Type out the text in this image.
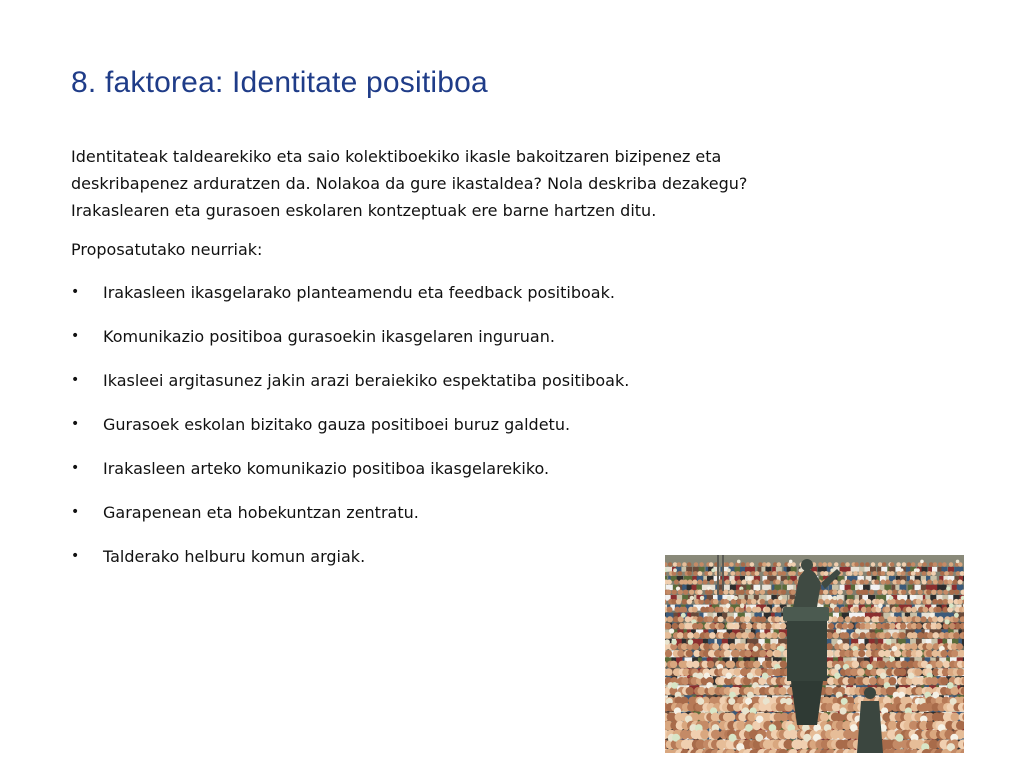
8. faktorea: Identitate positiboa

Identitateak taldearekiko eta saio kolektiboekiko ikasle bakoitzaren bizipenez eta
deskribapenez arduratzen da. Nolakoa da gure ikastaldea? Nola deskriba dezakegu?
Irakaslearen eta gurasoen eskolaren kontzeptuak ere barne hartzen ditu.

Proposatutako neurriak:
• Irakasleen ikasgelarako planteamendu eta feedback positiboak.
• Komunikazio positiboa gurasoekin ikasgelaren inguruan.
• Ikasleei argitasunez jakin arazi beraiekiko espektatiba positiboak.
• Gurasoek eskolan bizitako gauza positiboei buruz galdetu.
• Irakasleen arteko komunikazio positiboa ikasgelarekiko.
• Garapenean eta hobekuntzan zentratu.
• Talderako helburu komun argiak.
